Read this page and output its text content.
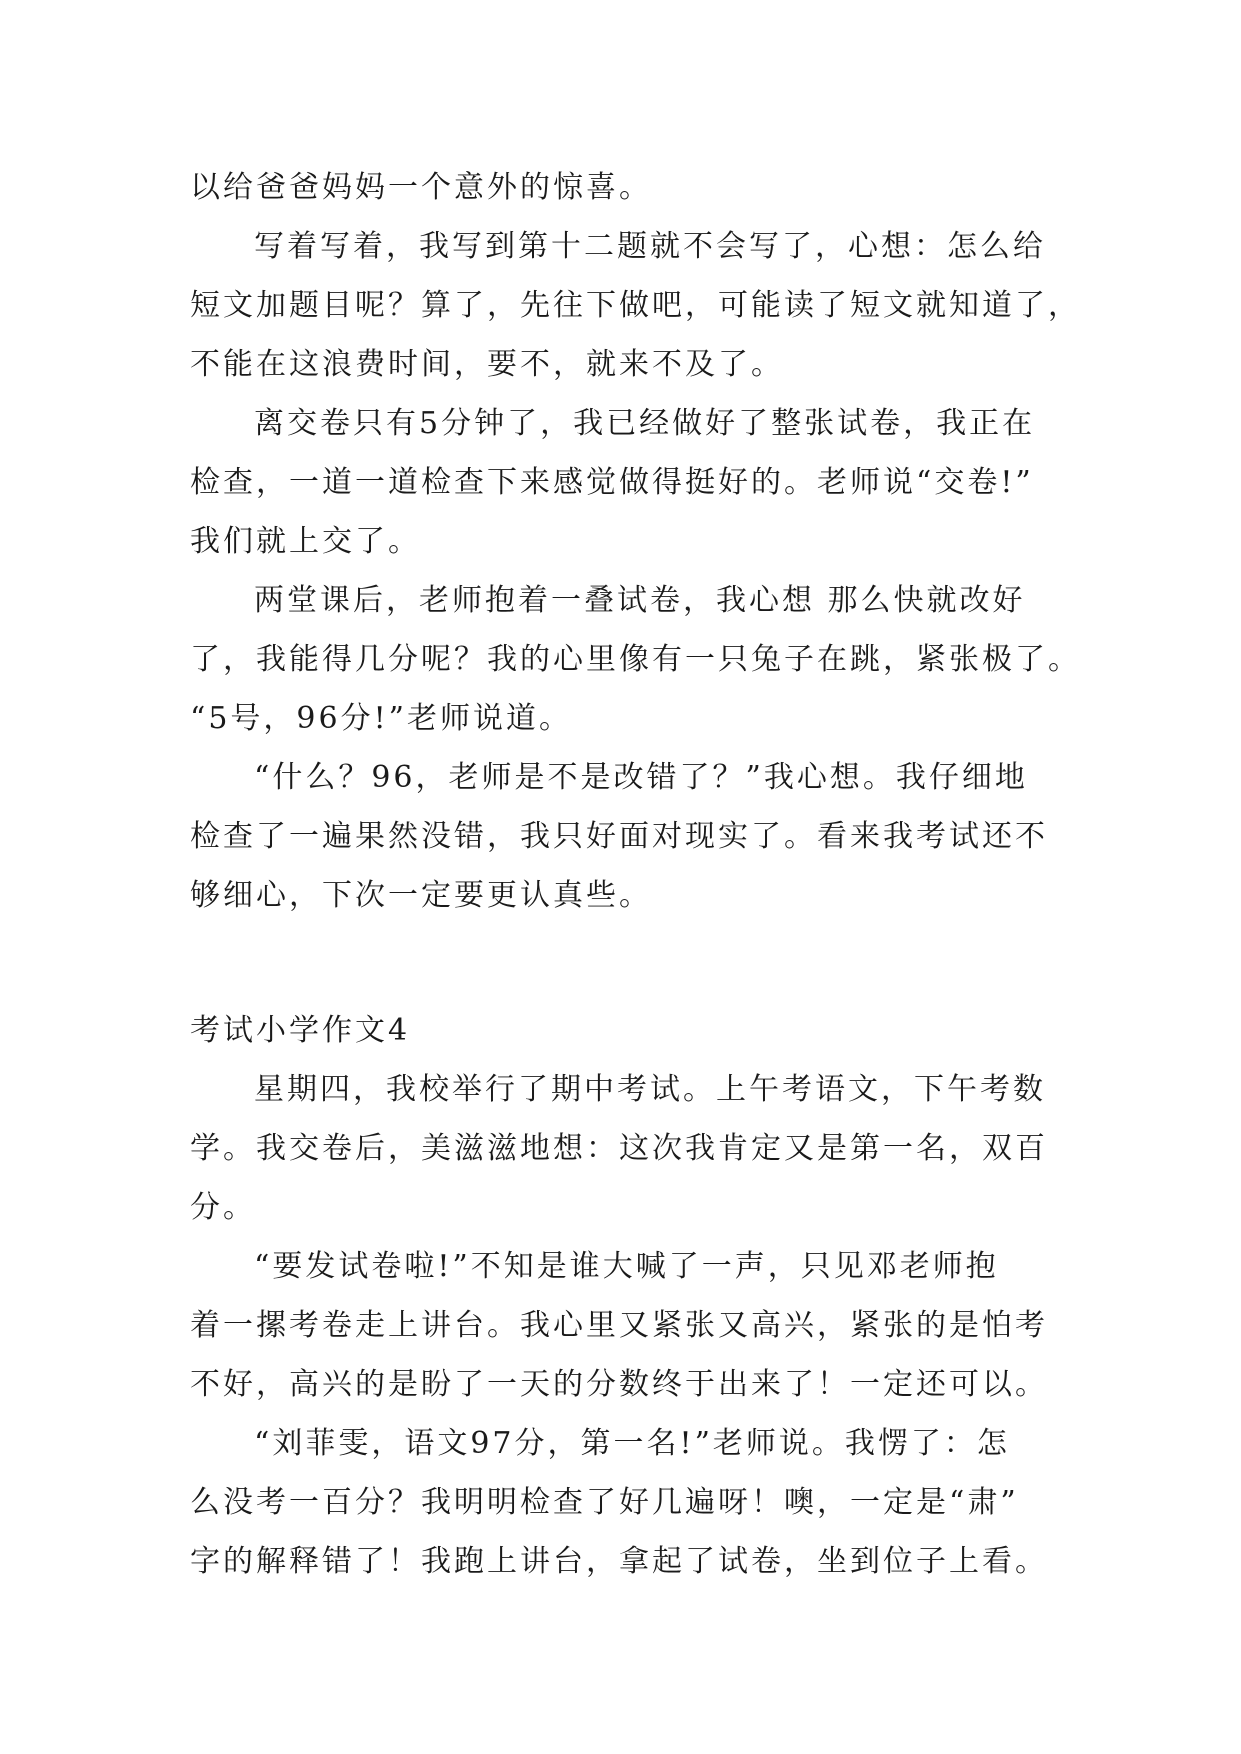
以给爸爸妈妈一个意外的惊喜。
写着写着，我写到第十二题就不会写了，心想：怎么给
短文加题目呢？算了，先往下做吧，可能读了短文就知道了，
不能在这浪费时间，要不，就来不及了。
离交卷只有5分钟了，我已经做好了整张试卷，我正在
检查，一道一道检查下来感觉做得挺好的。老师说“交卷!”
我们就上交了。
两堂课后，老师抱着一叠试卷，我心想 那么快就改好
了，我能得几分呢？我的心里像有一只兔子在跳，紧张极了。
“5号，96分!”老师说道。
“什么？96，老师是不是改错了？”我心想。我仔细地
检查了一遍果然没错，我只好面对现实了。看来我考试还不
够细心，下次一定要更认真些。
考试小学作文4
星期四，我校举行了期中考试。上午考语文，下午考数
学。我交卷后，美滋滋地想：这次我肯定又是第一名，双百
分。
“要发试卷啦!”不知是谁大喊了一声，只见邓老师抱
着一摞考卷走上讲台。我心里又紧张又高兴，紧张的是怕考
不好，高兴的是盼了一天的分数终于出来了！一定还可以。
“刘菲雯，语文97分，第一名!”老师说。我愣了：怎
么没考一百分？我明明检查了好几遍呀！噢，一定是“肃”
字的解释错了！我跑上讲台，拿起了试卷，坐到位子上看。
